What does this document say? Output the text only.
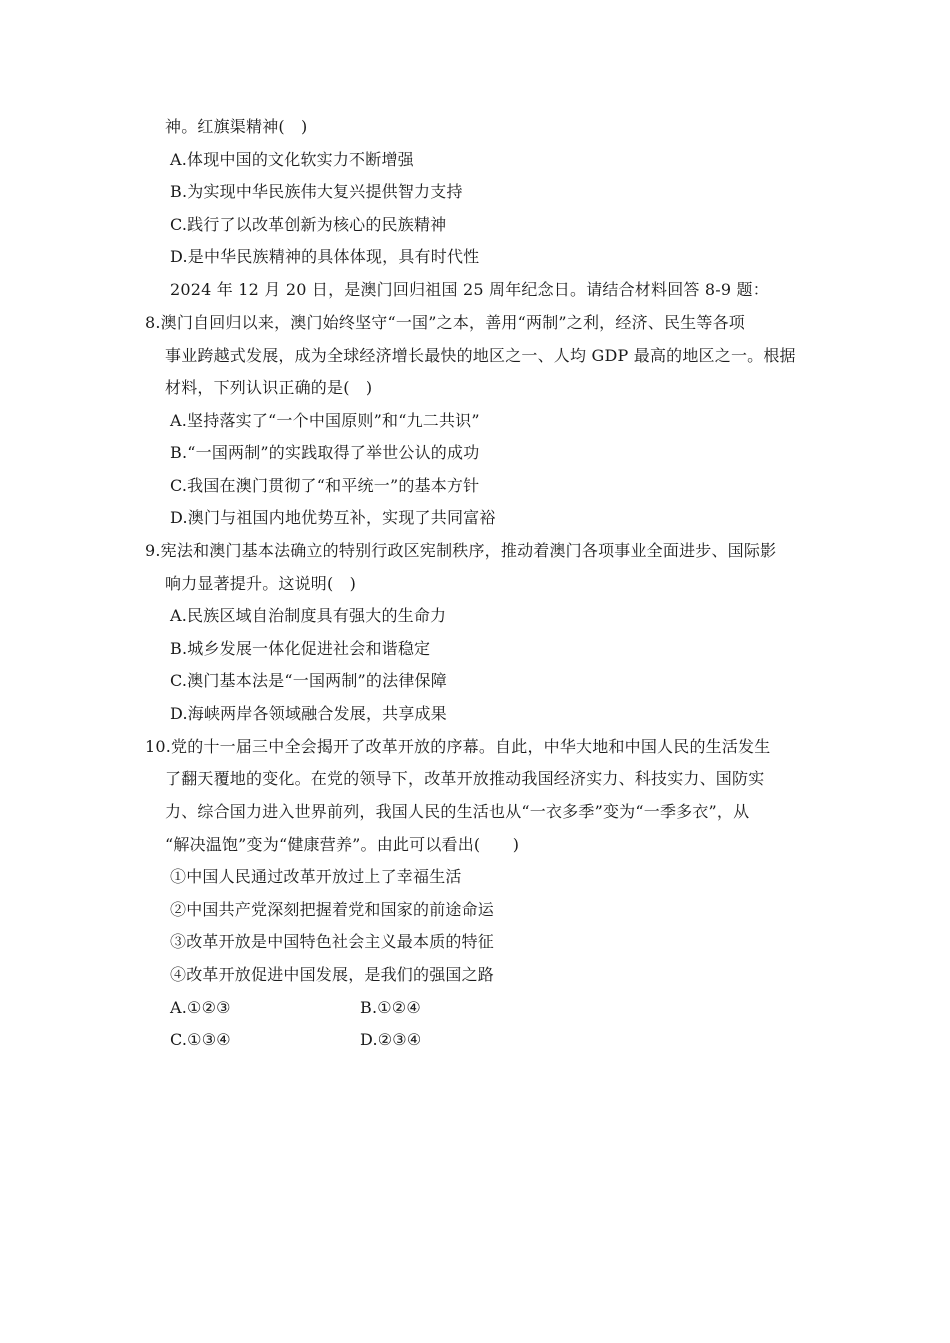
神。红旗渠精神(　)
A.体现中国的文化软实力不断增强
B.为实现中华民族伟大复兴提供智力支持
C.践行了以改革创新为核心的民族精神
D.是中华民族精神的具体体现，具有时代性
2024 年 12 月 20 日，是澳门回归祖国 25 周年纪念日。请结合材料回答 8-9 题：
8.澳门自回归以来，澳门始终坚守“一国”之本，善用“两制”之利，经济、民生等各项
事业跨越式发展，成为全球经济增长最快的地区之一、人均 GDP 最高的地区之一。根据
材料，下列认识正确的是(　)
A.坚持落实了“一个中国原则”和“九二共识”
B.“一国两制”的实践取得了举世公认的成功
C.我国在澳门贯彻了“和平统一”的基本方针
D.澳门与祖国内地优势互补，实现了共同富裕
9.宪法和澳门基本法确立的特别行政区宪制秩序，推动着澳门各项事业全面进步、国际影
响力显著提升。这说明(　)
A.民族区域自治制度具有强大的生命力
B.城乡发展一体化促进社会和谐稳定
C.澳门基本法是“一国两制”的法律保障
D.海峡两岸各领域融合发展，共享成果
10.党的十一届三中全会揭开了改革开放的序幕。自此，中华大地和中国人民的生活发生
了翻天覆地的变化。在党的领导下，改革开放推动我国经济实力、科技实力、国防实
力、综合国力进入世界前列，我国人民的生活也从“一衣多季”变为“一季多衣”，从
“解决温饱”变为“健康营养”。由此可以看出(　　)
①中国人民通过改革开放过上了幸福生活
②中国共产党深刻把握着党和国家的前途命运
③改革开放是中国特色社会主义最本质的特征
④改革开放促进中国发展，是我们的强国之路
A.①②③	B.①②④
C.①③④	D.②③④
